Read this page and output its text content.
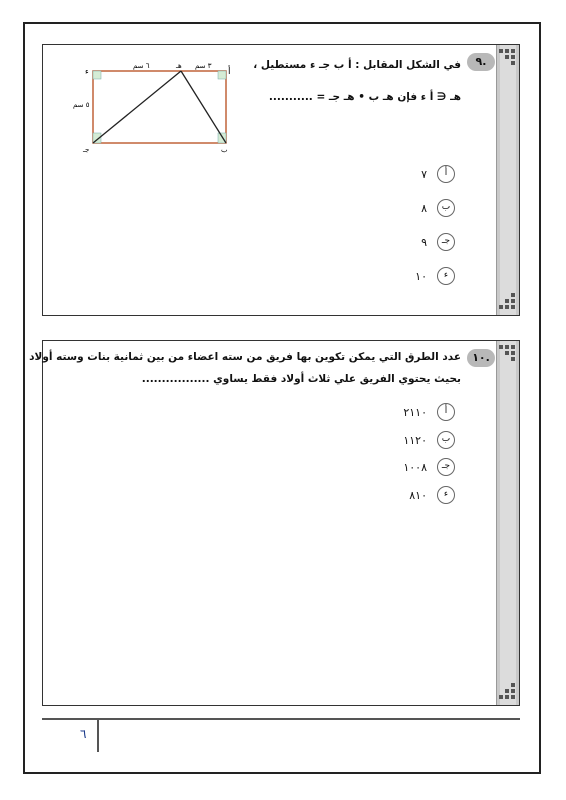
.٩
في الشكل المقابل : أ ب جـ ء مستطيل ،
هـ ∈ أ ء فإن هـ ب • هـ جـ = ...........
ء	أ
هـ
جـ	ب
٦ سم	٣ سم
٥ سم
أ
٧
ب
٨
جـ
٩
ء
١٠
.١٠
عدد الطرق التي يمكن تكوين بها فريق من سته اعضاء من بين ثمانية بنات وسته أولاد
بحيث يحتوي الفريق علي ثلاث أولاد فقط يساوي .................
أ
٢١١٠
ب
١١٢٠
جـ
١٠٠٨
ء
٨١٠
٦
